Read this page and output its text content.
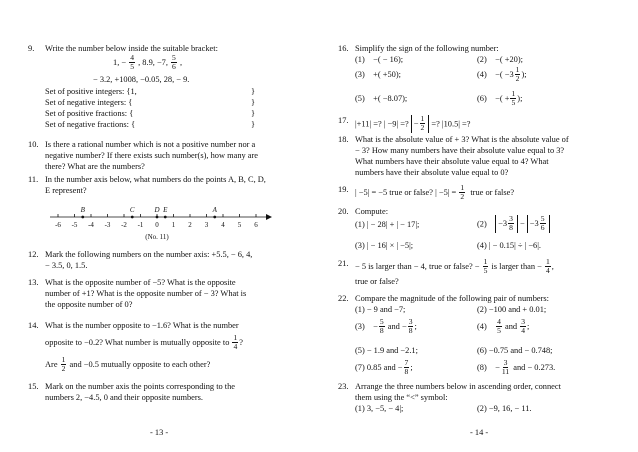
9. Write the number below inside the suitable bracket:
1, − $\frac{4}{5}$ , 8.9, −7, $\frac{5}{6}$ ,
− 3.2, +1008, −0.05, 28, − 9.
Set of positive integers: {1,	}
Set of negative integers: {	}
Set of positive fractions: {	}
Set of negative fractions: {	}
10. Is there a rational number which is not a positive number nor a
negative number? If there exists such number(s), how many are
there? What are the numbers?
11. In the number axis below, what numbers do the points A, B, C, D,
E represent?
-6 -5 -4 -3 -2 -1 0 1 2 3 4 5 6
B	C	D E	A
(No. 11)
12. Mark the following numbers on the number axis: +5.5, − 6, 4,
− 3.5, 0, 1.5.
13. What is the opposite number of −5? What is the opposite
number of +1? What is the opposite number of − 3? What is
the opposite number of 0?
14. What is the number opposite to −1.6? What is the number
opposite to −0.2? What number is mutually opposite to $\frac{1}{4}$ ?
Are $\frac{1}{2}$ and −0.5 mutually opposite to each other?
15. Mark on the number axis the points corresponding to the
numbers 2, −4.5, 0 and their opposite numbers.
- 13 -
16. Simplify the sign of the following number:
(1) −( − 16);	(2) −( +20);
(3) +( +50);	(4) −( $-3 \frac{1}{2}$ );
(5) +( −8.07);	(6) −( + $\frac{1}{5}$ );
17. |+11| =? | −9| =? − $\frac{1}{2}$ =? |10.5| =?
18. What is the absolute value of + 3? What is the absolute value of
− 3? How many numbers have their absolute value equal to 3?
What numbers have their absolute value equal to 4? What
numbers have their absolute value equal to 0?
19. | −5| = −5 true or false? | $-5| = \frac{1}{2}$ true or false?
20. Compute:
(1) | − 28| + | − 17|;	$(2) -3 \frac{3}{8} - -3 \frac{5}{6}$
(3) | − 16| × | −5|;	(4) | − 0.15| ÷ | −6|.
21. − 5 is larger than − 4, true or false? − $\frac{1}{5}$ is larger than − $\frac{1}{4}$ ,
true or false?
22. Compare the magnitude of the following pair of numbers:
(1) − 9 and −7;	(2) −100 and + 0.01;
(3)    − $\frac{5}{8}$ and − $\frac{3}{8}$ ;	$(4) \frac{4}{5}$ and $\frac{3}{4}$ ;
(5) − 1.9 and −2.1;	(6) −0.75 and − 0.748;
(7) 0.85 and − $\frac{7}{8}$ ;	(8)    − $\frac{3}{11}$ and − 0.273.
23. Arrange the three numbers below in ascending order, connect
them using the “<” symbol:
(1) 3, −5, − 4|;	(2) −9, 16, − 11.
- 14 -
